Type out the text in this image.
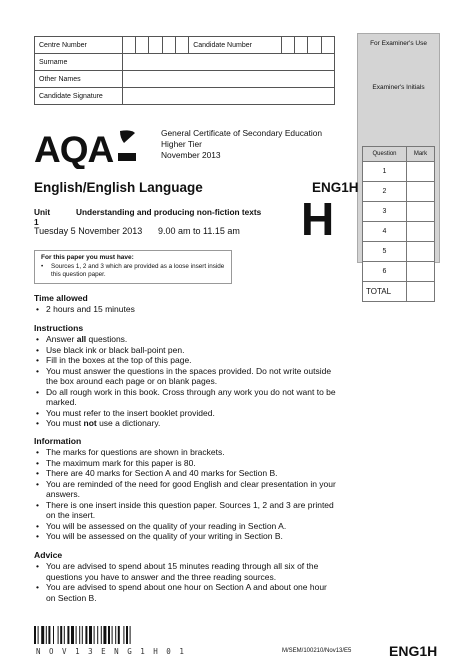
Centre Number						Candidate Number				
Surname										
Other Names										
Candidate Signature										
For Examiner's Use
Examiner's Initials
Question	Mark
1	
2	
3	
4	
5	
6	
TOTAL	
AQA	General Certificate of Secondary Education
Higher Tier
November 2013
English/English Language	ENG1H
H
Unit 1
Understanding and producing non-fiction texts
Tuesday 5 November 2013 9.00 am to 11.15 am
For this paper you must have:
• Sources 1, 2 and 3 which are provided as a loose insert inside this question paper.
Time allowed
• 2 hours and 15 minutes
Instructions
• Answer all questions.
• Use black ink or black ball-point pen.
• Fill in the boxes at the top of this page.
• You must answer the questions in the spaces provided. Do not write outside the box around each page or on blank pages.
• Do all rough work in this book. Cross through any work you do not want to be marked.
• You must refer to the insert booklet provided.
• You must not use a dictionary.
Information
• The marks for questions are shown in brackets.
• The maximum mark for this paper is 80.
• There are 40 marks for Section A and 40 marks for Section B.
• You are reminded of the need for good English and clear presentation in your answers.
• There is one insert inside this question paper. Sources 1, 2 and 3 are printed on the insert.
• You will be assessed on the quality of your reading in Section A.
• You will be assessed on the quality of your writing in Section B.
Advice
• You are advised to spend about 15 minutes reading through all six of the questions you have to answer and the three reading sources.
• You are advised to spend about one hour on Section A and about one hour on Section B.
N O V 1 3 E N G 1 H 0 1	M/SEM/100210/Nov13/E5	ENG1H
